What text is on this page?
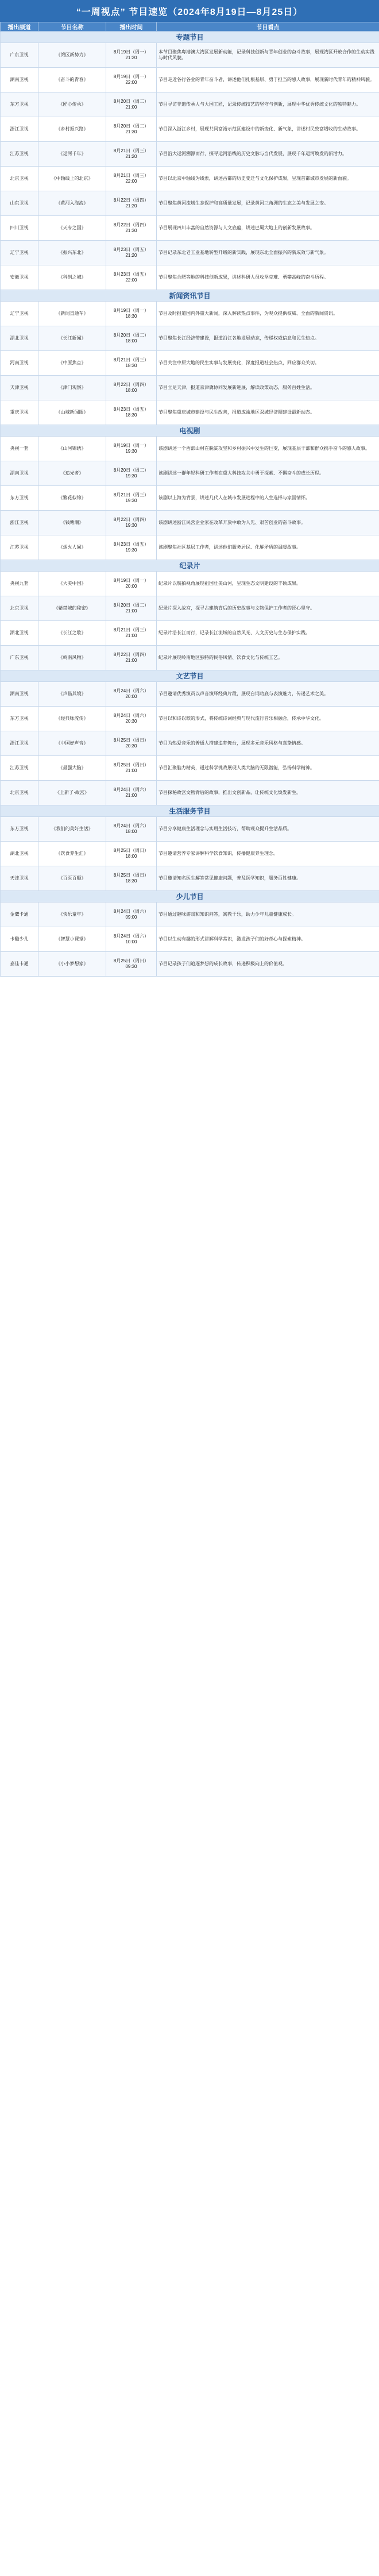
“一周视点” 节目速览（2024年8月19日—8月25日）
播出频道	节目名称	播出时间	节目看点
专题节目			
广东卫视	《湾区新势力》	8月19日（周一）21:20	本节目聚焦粤港澳大湾区发展新动能，记录科技创新与青年创业的奋斗故事，展现湾区开放合作的生动实践与时代风貌。
湖南卫视	《奋斗的青春》	8月19日（周一）22:00	节目走近各行各业的青年奋斗者，讲述他们扎根基层、勇于担当的感人故事，展现新时代青年的精神风貌。
东方卫视	《匠心传承》	8月20日（周二）21:00	节目寻访非遗传承人与大国工匠，记录传统技艺的坚守与创新，展现中华优秀传统文化的独特魅力。
浙江卫视	《乡村振兴路》	8月20日（周二）21:30	节目深入浙江乡村，展现共同富裕示范区建设中的新变化、新气象，讲述村民致富增收的生动故事。
江苏卫视	《运河千年》	8月21日（周三）21:20	节目沿大运河溯源而行，探寻运河沿线的历史文脉与当代发展，展现千年运河焕发的新活力。
北京卫视	《中轴线上的北京》	8月21日（周三）22:00	节目以北京中轴线为线索，讲述古都的历史变迁与文化保护成果，呈现首都城市发展的新面貌。
山东卫视	《黄河入海流》	8月22日（周四）21:20	节目聚焦黄河流域生态保护和高质量发展，记录黄河三角洲的生态之美与发展之变。
四川卫视	《天府之国》	8月22日（周四）21:30	节目展现四川丰富的自然资源与人文底蕴，讲述巴蜀大地上的创新发展故事。
辽宁卫视	《振兴东北》	8月23日（周五）21:20	节目记录东北老工业基地转型升级的新实践，展现东北全面振兴的新成效与新气象。
安徽卫视	《科创之城》	8月23日（周五）22:00	节目聚焦合肥等地的科技创新成果，讲述科研人员攻坚克难、勇攀高峰的奋斗历程。
新闻资讯节目			
辽宁卫视	《新闻直通车》	8月19日（周一）18:30	节目及时报道国内外重大新闻，深入解读热点事件，为观众提供权威、全面的新闻资讯。
湖北卫视	《长江新闻》	8月20日（周二）18:00	节目聚焦长江经济带建设，报道沿江各地发展动态，传递权威信息和民生热点。
河南卫视	《中原焦点》	8月21日（周三）18:30	节目关注中原大地的民生实事与发展变化，深度报道社会热点，回应群众关切。
天津卫视	《津门观察》	8月22日（周四）18:00	节目立足天津，报道京津冀协同发展新进展，解读政策动态，服务百姓生活。
重庆卫视	《山城新闻眼》	8月23日（周五）18:30	节目聚焦重庆城市建设与民生改善，报道成渝地区双城经济圈建设最新动态。
电视剧			
央视一套	《山河锦绣》	8月19日（周一）19:30	该剧讲述一个西部山村在脱贫攻坚和乡村振兴中发生的巨变，展现基层干部和群众携手奋斗的感人故事。
湖南卫视	《追光者》	8月20日（周二）19:30	该剧讲述一群年轻科研工作者在重大科技攻关中勇于探索、不懈奋斗的成长历程。
东方卫视	《繁花似锦》	8月21日（周三）19:30	该剧以上海为背景，讲述几代人在城市发展进程中的人生选择与家国情怀。
浙江卫视	《钱塘潮》	8月22日（周四）19:30	该剧讲述浙江民营企业家在改革开放中敢为人先、艰苦创业的奋斗故事。
江苏卫视	《烟火人间》	8月23日（周五）19:30	该剧聚焦社区基层工作者，讲述他们服务居民、化解矛盾的温暖故事。
纪录片			
央视九套	《大美中国》	8月19日（周一）20:00	纪录片以航拍视角展现祖国壮美山河，呈现生态文明建设的丰硕成果。
北京卫视	《紫禁城的秘密》	8月20日（周二）21:00	纪录片深入故宫，探寻古建筑背后的历史故事与文物保护工作者的匠心坚守。
湖北卫视	《长江之歌》	8月21日（周三）21:00	纪录片沿长江而行，记录长江流域的自然风光、人文历史与生态保护实践。
广东卫视	《岭南风物》	8月22日（周四）21:00	纪录片展现岭南地区独特的民俗风情、饮食文化与传统工艺。
文艺节目			
湖南卫视	《声临其境》	8月24日（周六）20:00	节目邀请优秀演员以声音演绎经典片段，展现台词功底与表演魅力，传递艺术之美。
东方卫视	《经典咏流传》	8月24日（周六）20:30	节目以和诗以歌的形式，将传统诗词经典与现代流行音乐相融合，传承中华文化。
浙江卫视	《中国好声音》	8月25日（周日）20:30	节目为热爱音乐的普通人搭建追梦舞台，展现多元音乐风格与真挚情感。
江苏卫视	《最强大脑》	8月25日（周日）21:00	节目汇聚脑力精英，通过科学挑战展现人类大脑的无限潜能，弘扬科学精神。
北京卫视	《上新了·故宫》	8月24日（周六）21:00	节目探秘故宫文物背后的故事，推出文创新品，让传统文化焕发新生。
生活服务节目			
东方卫视	《我们的美好生活》	8月24日（周六）18:00	节目分享健康生活理念与实用生活技巧，帮助观众提升生活品质。
湖北卫视	《饮食养生汇》	8月25日（周日）18:00	节目邀请营养专家讲解科学饮食知识，传播健康养生理念。
天津卫视	《百医百顺》	8月25日（周日）18:30	节目邀请知名医生解答常见健康问题，普及医学知识，服务百姓健康。
少儿节目			
金鹰卡通	《快乐童年》	8月24日（周六）09:00	节目通过趣味游戏和知识问答，寓教于乐，助力少年儿童健康成长。
卡酷少儿	《智慧小课堂》	8月24日（周六）10:00	节目以生动有趣的形式讲解科学常识，激发孩子们的好奇心与探索精神。
嘉佳卡通	《小小梦想家》	8月25日（周日）09:30	节目记录孩子们追逐梦想的成长故事，传递积极向上的价值观。
